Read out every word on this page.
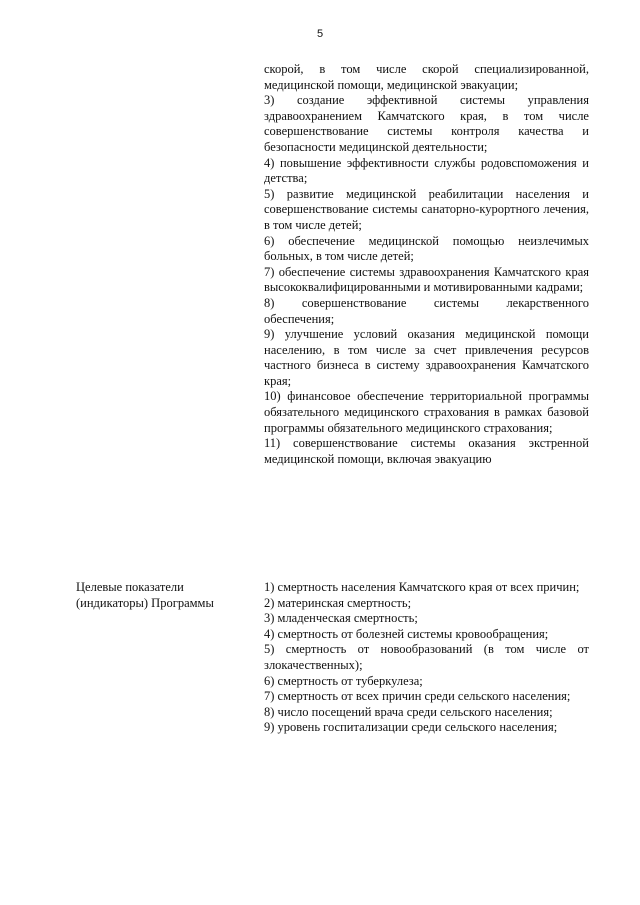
5

скорой, в том числе скорой специализированной, медицинской помощи, медицинской эвакуации;

3) создание эффективной системы управления здравоохранением Камчатского края, в том числе совершенствование системы контроля качества и безопасности медицинской деятельности;

4) повышение эффективности службы родовспоможения и детства;

5) развитие медицинской реабилитации населения и совершенствование системы санаторно-курортного лечения, в том числе детей;

6) обеспечение медицинской помощью неизлечимых больных, в том числе детей;

7) обеспечение системы здравоохранения Камчатского края высококвалифицированными и мотивированными кадрами;

8) совершенствование системы лекарственного обеспечения;

9) улучшение условий оказания медицинской помощи населению, в том числе за счет привлечения ресурсов частного бизнеса в систему здравоохранения Камчатского края;

10) финансовое обеспечение территориальной программы обязательного медицинского страхования в рамках базовой программы обязательного медицинского страхования;

11) совершенствование системы оказания экстренной медицинской помощи, включая эвакуацию

Целевые показатели (индикаторы) Программы

1) смертность населения Камчатского края от всех причин;

2) материнская смертность;

3) младенческая смертность;

4) смертность от болезней системы кровообращения;

5) смертность от новообразований (в том числе от злокачественных);

6) смертность от туберкулеза;

7) смертность от всех причин среди сельского населения;

8) число посещений врача среди сельского населения;

9) уровень госпитализации среди сельского населения;
